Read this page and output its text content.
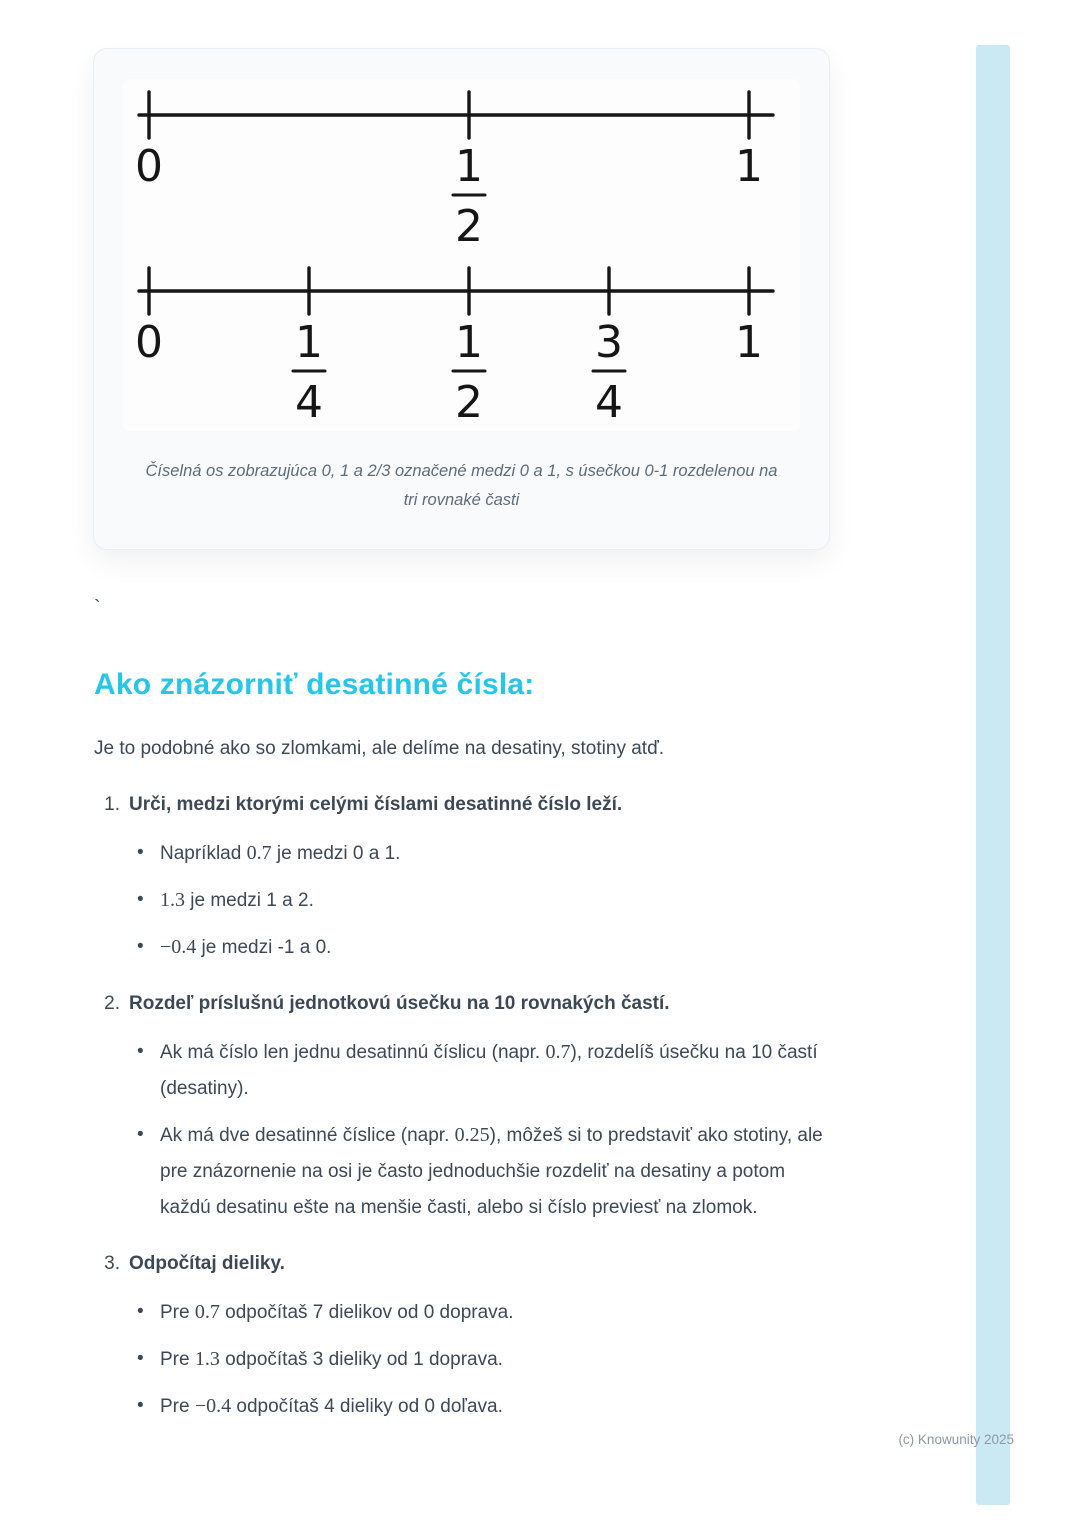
0	1
2
1
0	1
4
1
2
3
4
1
Číselná os zobrazujúca 0, 1 a 2/3 označené medzi 0 a 1, s úsečkou 0-1 rozdelenou na tri rovnaké časti
`
Ako znázorniť desatinné čísla:

Je to podobné ako so zlomkami, ale delíme na desatiny, stotiny atď.

1. Urči, medzi ktorými celými číslami desatinné číslo leží.
•
Napríklad 0.7 je medzi 0 a 1.
•
1.3 je medzi 1 a 2.
•
−0.4 je medzi -1 a 0.
2. Rozdeľ príslušnú jednotkovú úsečku na 10 rovnakých častí.
•
Ak má číslo len jednu desatinnú číslicu (napr. 0.7), rozdelíš úsečku na 10 častí (desatiny).
•
Ak má dve desatinné číslice (napr. 0.25), môžeš si to predstaviť ako stotiny, ale pre znázornenie na osi je často jednoduchšie rozdeliť na desatiny a potom každú desatinu ešte na menšie časti, alebo si číslo previesť na zlomok.
3. Odpočítaj dieliky.
•
Pre 0.7 odpočítaš 7 dielikov od 0 doprava.
•
Pre 1.3 odpočítaš 3 dieliky od 1 doprava.
•
Pre −0.4 odpočítaš 4 dieliky od 0 doľava.
(c) Knowunity 2025
